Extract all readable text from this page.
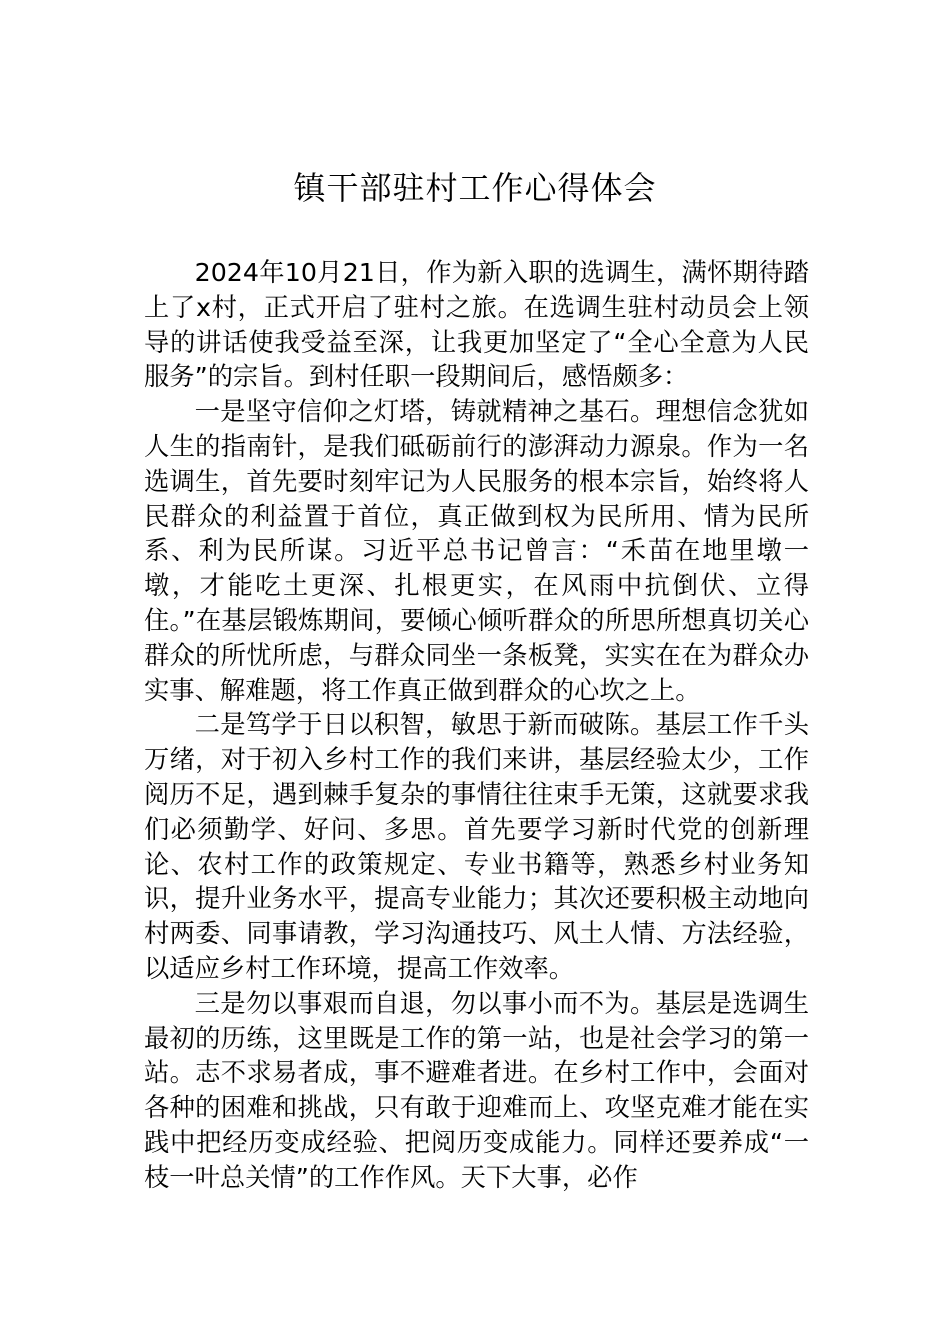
镇干部驻村工作心得体会

2024年10月21日，作为新入职的选调生，满怀期待踏上了x村，正式开启了驻村之旅。在选调生驻村动员会上领导的讲话使我受益至深，让我更加坚定了“全心全意为人民服务”的宗旨。到村任职一段期间后，感悟颇多：

一是坚守信仰之灯塔，铸就精神之基石。理想信念犹如人生的指南针，是我们砥砺前行的澎湃动力源泉。作为一名选调生，首先要时刻牢记为人民服务的根本宗旨，始终将人民群众的利益置于首位，真正做到权为民所用、情为民所系、利为民所谋。习近平总书记曾言：“禾苗在地里墩一墩，才能吃土更深、扎根更实，在风雨中抗倒伏、立得住。”在基层锻炼期间，要倾心倾听群众的所思所想真切关心群众的所忧所虑，与群众同坐一条板凳，实实在在为群众办实事、解难题，将工作真正做到群众的心坎之上。

二是笃学于日以积智，敏思于新而破陈。基层工作千头万绪，对于初入乡村工作的我们来讲，基层经验太少，工作阅历不足，遇到棘手复杂的事情往往束手无策，这就要求我们必须勤学、好问、多思。首先要学习新时代党的创新理论、农村工作的政策规定、专业书籍等，熟悉乡村业务知识，提升业务水平，提高专业能力；其次还要积极主动地向村两委、同事请教，学习沟通技巧、风土人情、方法经验，以适应乡村工作环境，提高工作效率。

三是勿以事艰而自退，勿以事小而不为。基层是选调生最初的历练，这里既是工作的第一站，也是社会学习的第一站。志不求易者成，事不避难者进。在乡村工作中，会面对各种的困难和挑战，只有敢于迎难而上、攻坚克难才能在实践中把经历变成经验、把阅历变成能力。同样还要养成“一枝一叶总关情”的工作作风。天下大事，必作
